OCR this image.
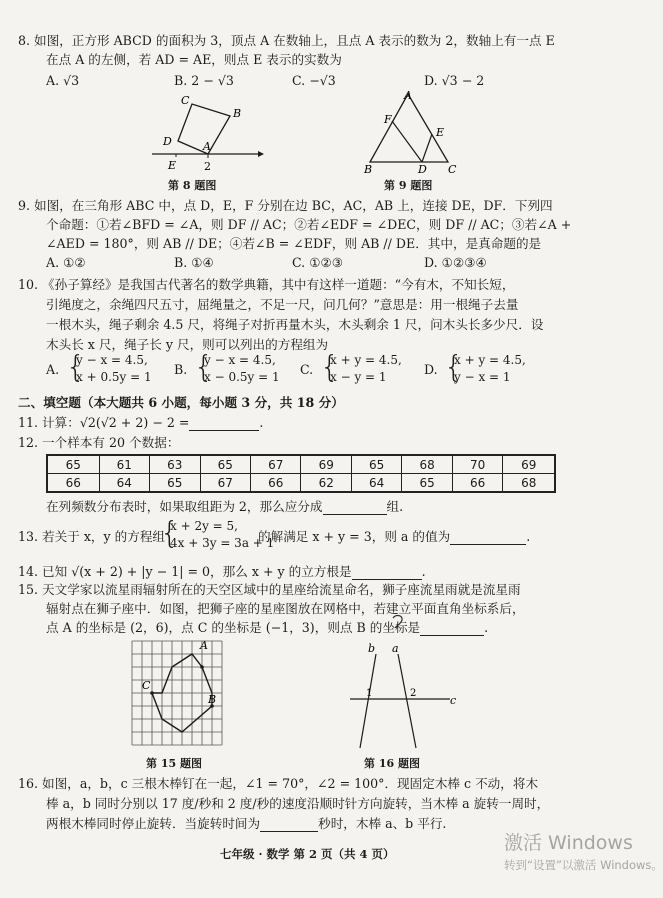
8. 如图，正方形 ABCD 的面积为 3，顶点 A 在数轴上，且点 A 表示的数为 2，数轴上有一点 E
在点 A 的左侧，若 AD = AE，则点 E 表示的实数为
A. √3	B. 2 − √3	C. −√3	D. √3 − 2
C
B
D	A
E	2
第 8 题图
A
F
E
B	D C
第 9 题图
9. 如图，在三角形 ABC 中，点 D，E，F 分别在边 BC，AC，AB 上，连接 DE，DF．下列四
个命题：①若∠BFD = ∠A，则 DF // AC；②若∠EDF = ∠DEC，则 DF // AC；③若∠A +
∠AED = 180°，则 AB // DE；④若∠B = ∠EDF，则 AB // DE．其中，是真命题的是
A. ①②	B. ①④	C. ①②③	D. ①②③④
10. 《孙子算经》是我国古代著名的数学典籍，其中有这样一道题：“今有木，不知长短，
引绳度之，余绳四尺五寸，屈绳量之，不足一尺，问几何？”意思是：用一根绳子去量
一根木头，绳子剩余 4.5 尺，将绳子对折再量木头，木头剩余 1 尺，问木头长多少尺．设
木头长 x 尺，绳子长 y 尺，则可以列出的方程组为
A. {
y − x = 4.5,
x + 0.5y = 1 B. {
y − x = 4.5,
x − 0.5y = 1 C. {
x + y = 4.5,
x − y = 1	D. {
x + y = 4.5,
y − x = 1
二、填空题（本大题共 6 小题，每小题 3 分，共 18 分）
11. 计算：√2(√2 + 2) − 2 =	.
12. 一个样本有 20 个数据：
65	61	63	65	67	69	65	68	70	69
66	64	65	67	66	62	64	65	66	68
在列频数分布表时，如果取组距为 2，那么应分成	组.
13. 若关于 x，y 的方程组
{
x + 2y = 5,
4x + 3y = 3a + 1
的解满足 x + y = 3，则 a 的值为	.
14. 已知 √(x + 2) + |y − 1| = 0，那么 x + y 的立方根是	.
15. 天文学家以流星雨辐射所在的天空区域中的星座给流星命名，狮子座流星雨就是流星雨
辐射点在狮子座中．如图，把狮子座的星座图放在网格中，若建立平面直角坐标系后，
点 A 的坐标是 (2，6)，点 C 的坐标是 (−1，3)，则点 B 的坐标是	.
A
C
B
第 15 题图
b a
1	2
c
第 16 题图
16. 如图，a，b，c 三根木棒钉在一起，∠1 = 70°，∠2 = 100°．现固定木棒 c 不动，将木
棒 a，b 同时分别以 17 度/秒和 2 度/秒的速度沿顺时针方向旋转，当木棒 a 旋转一周时，
两根木棒同时停止旋转．当旋转时间为	秒时，木棒 a、b 平行.
七年级 · 数学 第 2 页（共 4 页）	激活 Windows
转到“设置”以激活 Windows。
